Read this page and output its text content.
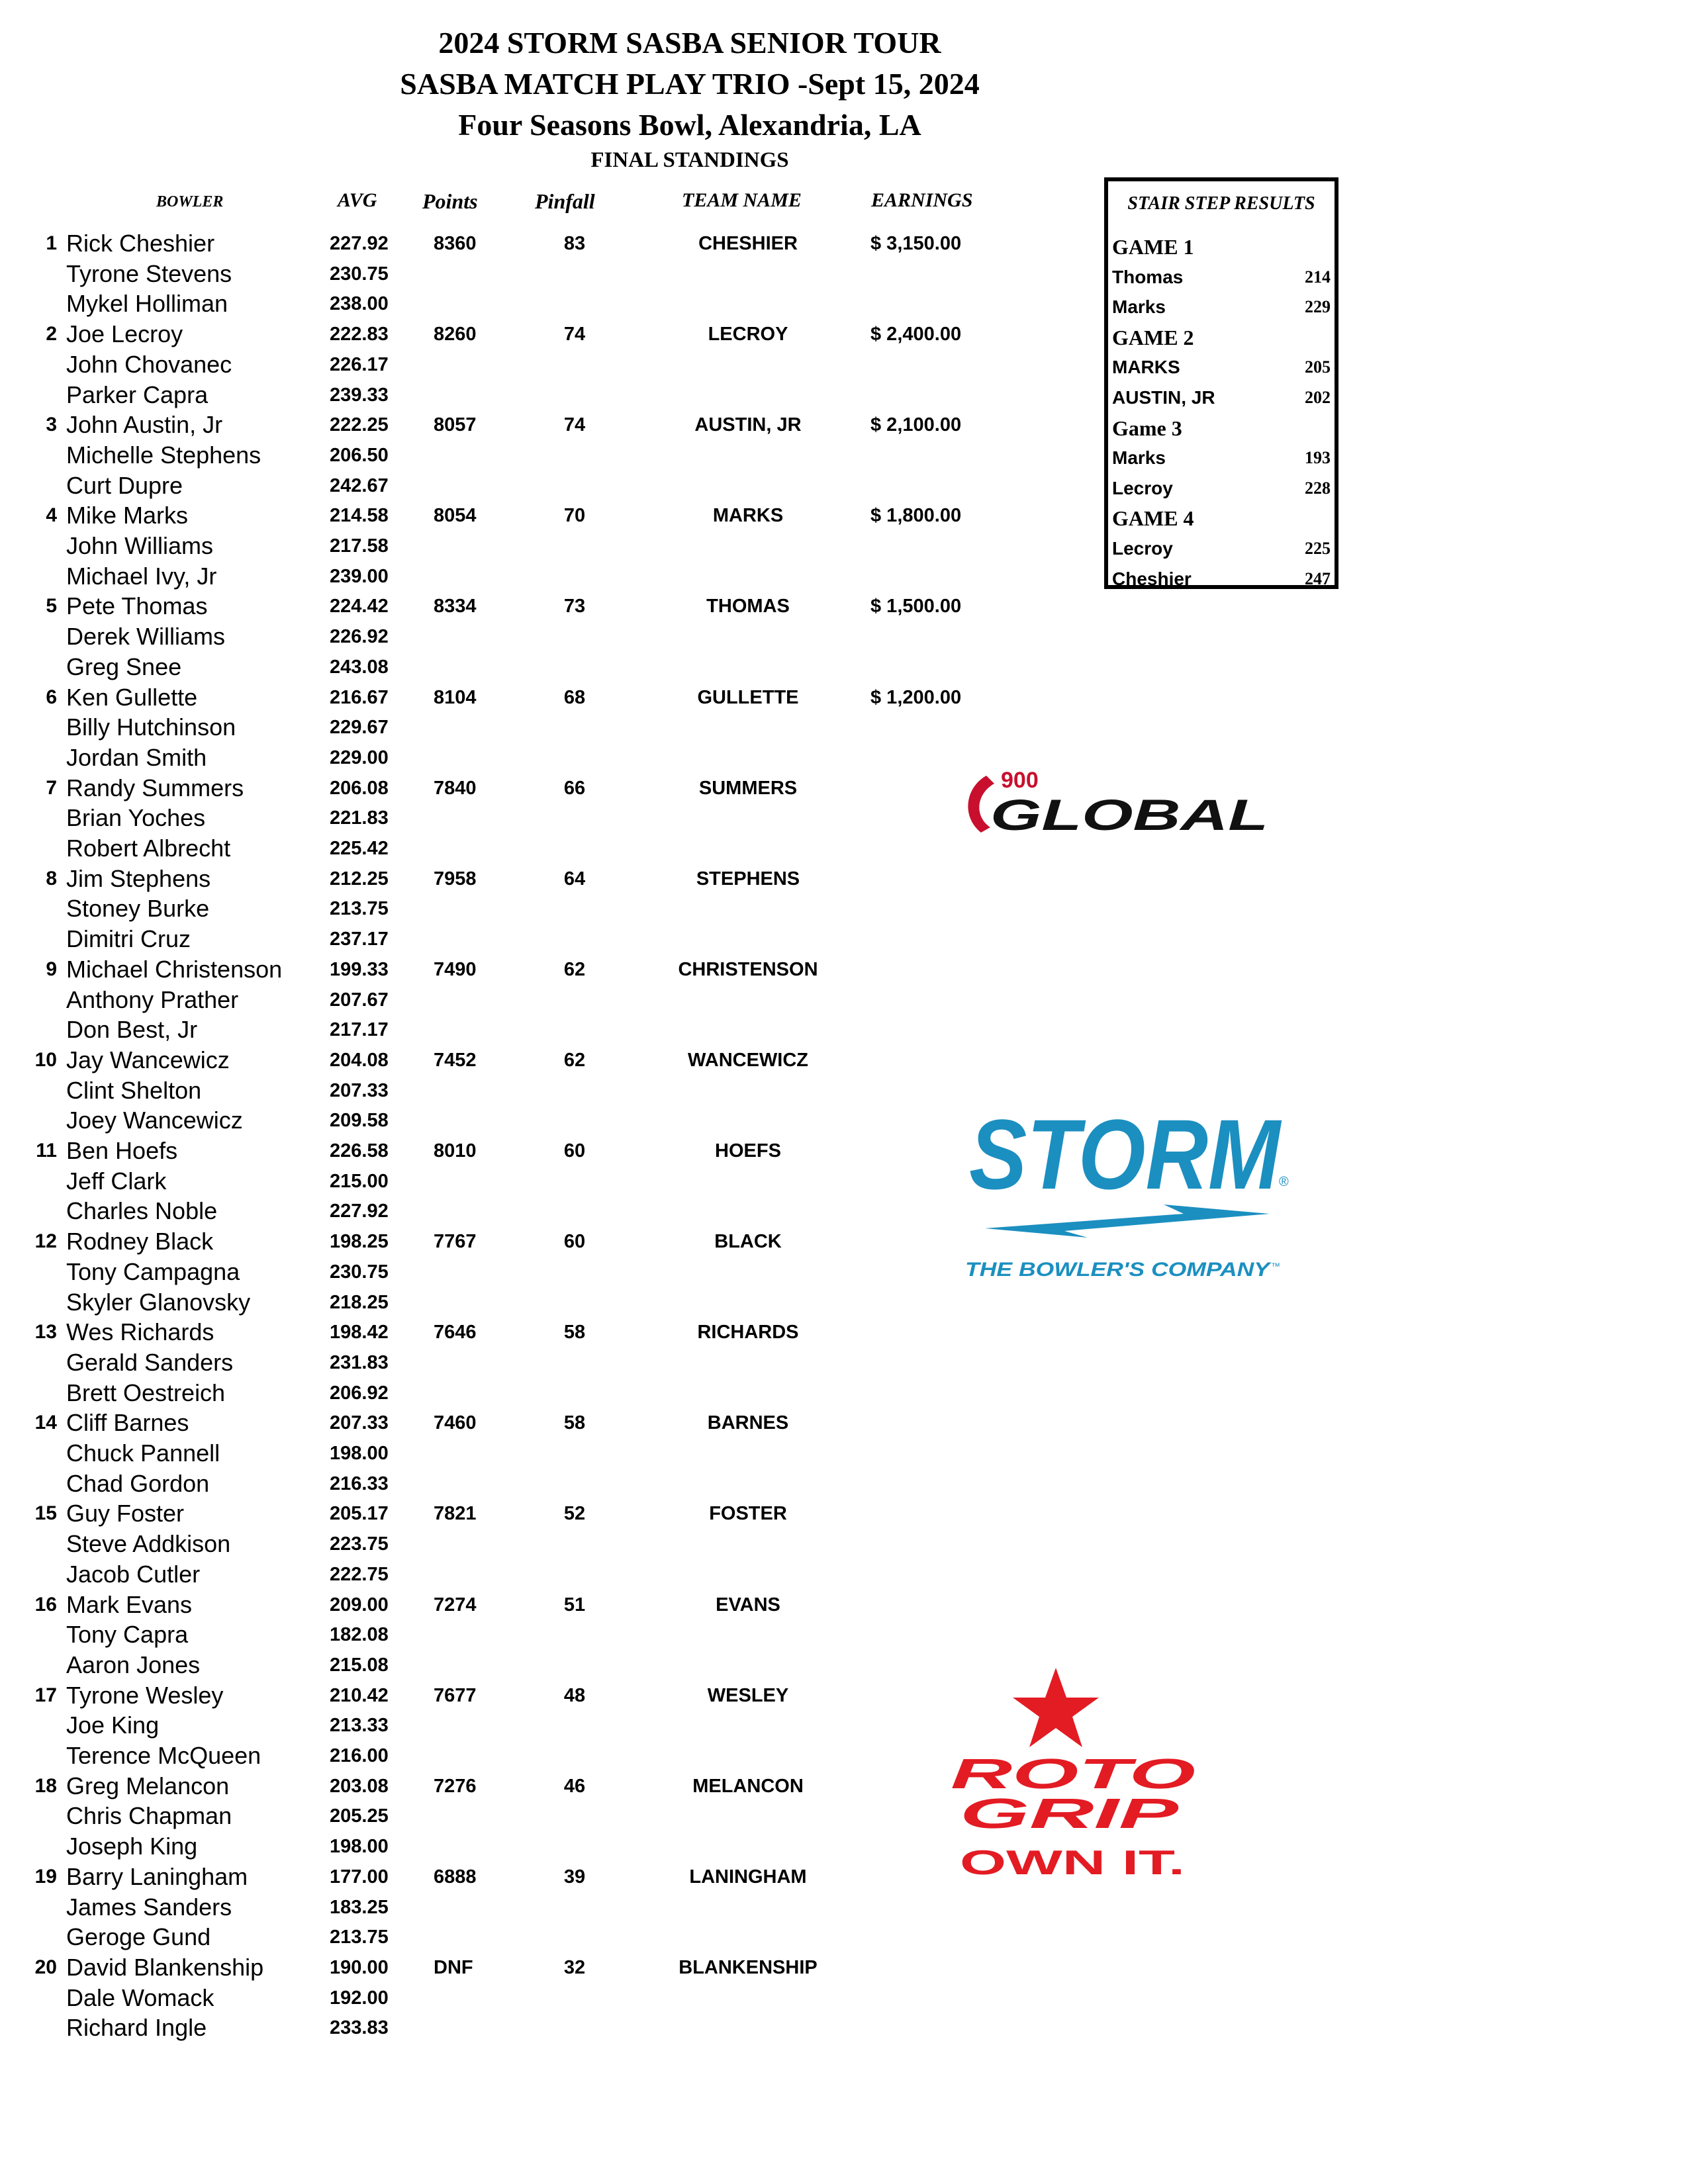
2024 STORM SASBA SENIOR TOUR
SASBA MATCH PLAY TRIO -Sept 15, 2024
Four Seasons Bowl, Alexandria, LA
FINAL STANDINGS
BOWLER	AVG Points	Pinfall	TEAM NAME	EARNINGS
1 Rick Cheshier	227.92 8360	83	CHESHIER	$ 3,150.00
Tyrone Stevens	230.75
Mykel Holliman	238.00
2 Joe Lecroy	222.83 8260	74	LECROY	$ 2,400.00
John Chovanec	226.17
Parker Capra	239.33
3 John Austin, Jr	222.25 8057	74	AUSTIN, JR	$ 2,100.00
Michelle Stephens	206.50
Curt Dupre	242.67
4 Mike Marks	214.58 8054	70	MARKS	$ 1,800.00
John Williams	217.58
Michael Ivy, Jr	239.00
5 Pete Thomas	224.42 8334	73	THOMAS	$ 1,500.00
Derek Williams	226.92
Greg Snee	243.08
6 Ken Gullette	216.67 8104	68	GULLETTE	$ 1,200.00
Billy Hutchinson	229.67
Jordan Smith	229.00
7 Randy Summers	206.08 7840	66	SUMMERS
Brian Yoches	221.83
Robert Albrecht	225.42
8 Jim Stephens	212.25 7958	64	STEPHENS
Stoney Burke	213.75
Dimitri Cruz	237.17
9 Michael Christenson 199.33 7490	62	CHRISTENSON
Anthony Prather	207.67
Don Best, Jr	217.17
10 Jay Wancewicz	204.08 7452	62	WANCEWICZ
Clint Shelton	207.33
Joey Wancewicz	209.58
11 Ben Hoefs	226.58 8010	60	HOEFS
Jeff Clark	215.00
Charles Noble	227.92
12 Rodney Black	198.25 7767	60	BLACK
Tony Campagna	230.75
Skyler Glanovsky	218.25
13 Wes Richards	198.42 7646	58	RICHARDS
Gerald Sanders	231.83
Brett Oestreich	206.92
14 Cliff Barnes	207.33 7460	58	BARNES
Chuck Pannell	198.00
Chad Gordon	216.33
15 Guy Foster	205.17 7821	52	FOSTER
Steve Addkison	223.75
Jacob Cutler	222.75
16 Mark Evans	209.00 7274	51	EVANS
Tony Capra	182.08
Aaron Jones	215.08
17 Tyrone Wesley	210.42 7677	48	WESLEY
Joe King	213.33
Terence McQueen	216.00
18 Greg Melancon	203.08 7276	46	MELANCON
Chris Chapman	205.25
Joseph King	198.00
19 Barry Laningham	177.00 6888	39	LANINGHAM
James Sanders	183.25
Geroge Gund	213.75
20 David Blankenship	190.00 DNF	32	BLANKENSHIP
Dale Womack	192.00
Richard Ingle	233.83
STAIR STEP RESULTS
GAME 1
Thomas	214
Marks	229
GAME 2
MARKS	205
AUSTIN, JR	202
Game 3
Marks	193
Lecroy	228
GAME 4
Lecroy	225
Cheshier	247
900
GLOBAL
STORM
®
THE BOWLER'S COMPANY
™
ROTO
GRIP
OWN IT.
